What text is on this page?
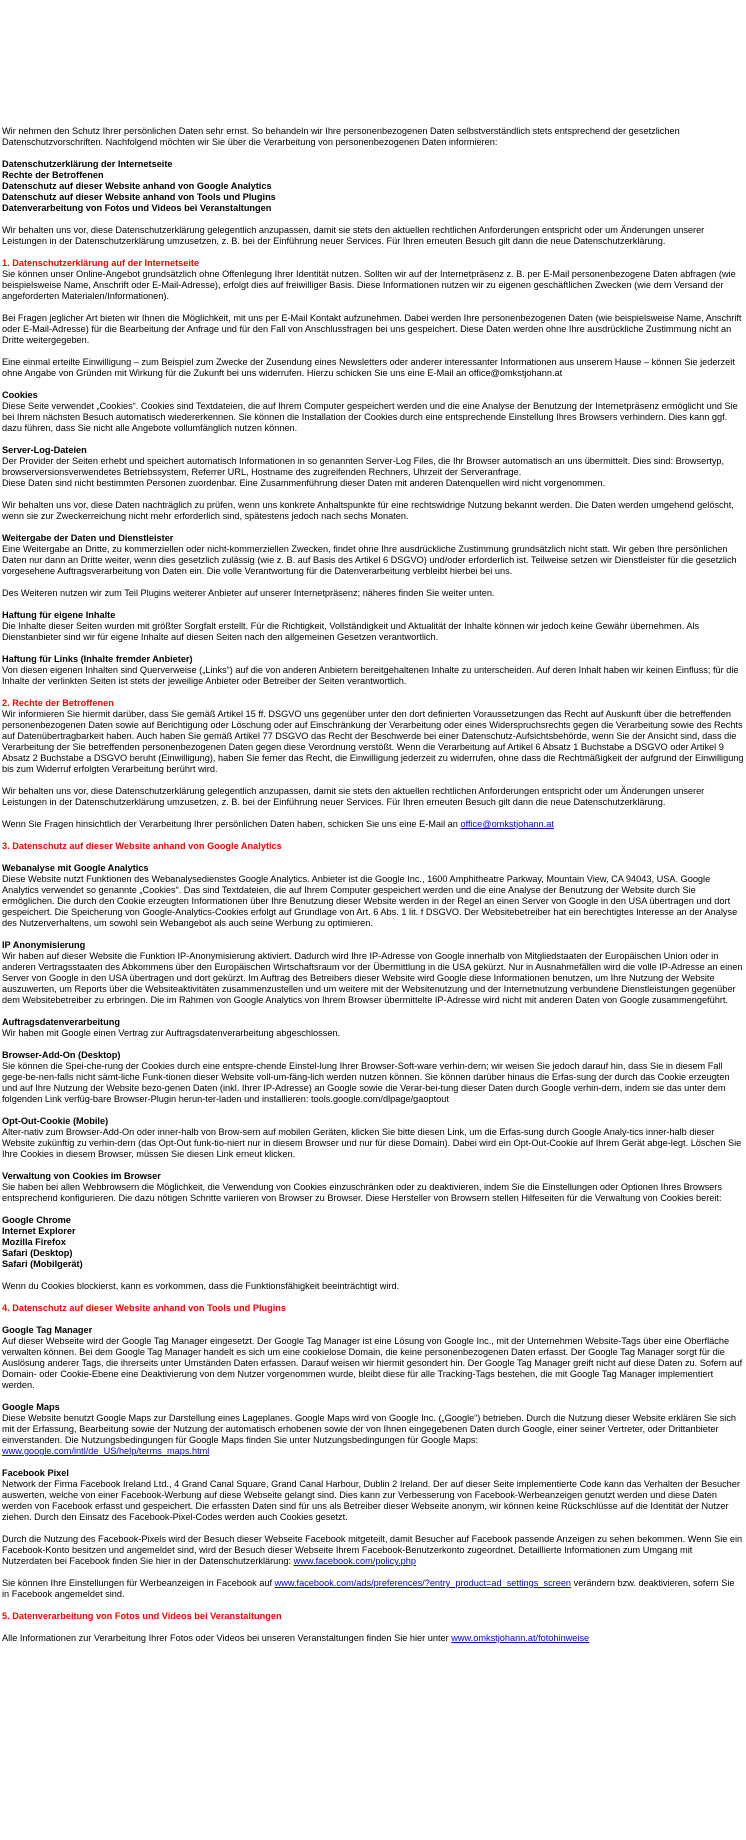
Wir nehmen den Schutz Ihrer persönlichen Daten sehr ernst. So behandeln wir Ihre personenbezogenen Daten selbstverständlich stets entsprechend der gesetzlichen Datenschutzvorschriften. Nachfolgend möchten wir Sie über die Verarbeitung von personenbezogenen Daten informieren:

Datenschutzerklärung der Internetseite
Rechte der Betroffenen
Datenschutz auf dieser Website anhand von Google Analytics
Datenschutz auf dieser Website anhand von Tools und Plugins
Datenverarbeitung von Fotos und Videos bei Veranstaltungen

Wir behalten uns vor, diese Datenschutzerklärung gelegentlich anzupassen, damit sie stets den aktuellen rechtlichen Anforderungen entspricht oder um Änderungen unserer Leistungen in der Datenschutzerklärung umzusetzen, z. B. bei der Einführung neuer Services. Für Ihren erneuten Besuch gilt dann die neue Datenschutzerklärung.

1. Datenschutzerklärung auf der Internetseite

Sie können unser Online-Angebot grundsätzlich ohne Offenlegung Ihrer Identität nutzen. Sollten wir auf der Internetpräsenz z. B. per E-Mail personenbezogene Daten abfragen (wie beispielsweise Name, Anschrift oder E-Mail-Adresse), erfolgt dies auf freiwilliger Basis. Diese Informationen nutzen wir zu eigenen geschäftlichen Zwecken (wie dem Versand der angeforderten Materialen/Informationen).

Bei Fragen jeglicher Art bieten wir Ihnen die Möglichkeit, mit uns per E-Mail Kontakt aufzunehmen. Dabei werden Ihre personenbezogenen Daten (wie beispielsweise Name, Anschrift oder E-Mail-Adresse) für die Bearbeitung der Anfrage und für den Fall von Anschlussfragen bei uns gespeichert. Diese Daten werden ohne Ihre ausdrückliche Zustimmung nicht an Dritte weitergegeben.

Eine einmal erteilte Einwilligung – zum Beispiel zum Zwecke der Zusendung eines Newsletters oder anderer interessanter Informationen aus unserem Hause – können Sie jederzeit ohne Angabe von Gründen mit Wirkung für die Zukunft bei uns widerrufen. Hierzu schicken Sie uns eine E-Mail an office@omkstjohann.at

Cookies
Diese Seite verwendet „Cookies“. Cookies sind Textdateien, die auf Ihrem Computer gespeichert werden und die eine Analyse der Benutzung der Internetpräsenz ermöglicht und Sie bei Ihrem nächsten Besuch automatisch wiedererkennen. Sie können die Installation der Cookies durch eine entsprechende Einstellung Ihres Browsers verhindern. Dies kann ggf. dazu führen, dass Sie nicht alle Angebote vollumfänglich nutzen können.
Server-Log-Dateien
Der Provider der Seiten erhebt und speichert automatisch Informationen in so genannten Server-Log Files, die Ihr Browser automatisch an uns übermittelt. Dies sind: Browsertyp, browserversionsverwendetes Betriebssystem, Referrer URL, Hostname des zugreifenden Rechners, Uhrzeit der Serveranfrage.
Diese Daten sind nicht bestimmten Personen zuordenbar. Eine Zusammenführung dieser Daten mit anderen Datenquellen wird nicht vorgenommen.

Wir behalten uns vor, diese Daten nachträglich zu prüfen, wenn uns konkrete Anhaltspunkte für eine rechtswidrige Nutzung bekannt werden. Die Daten werden umgehend gelöscht, wenn sie zur Zweckerreichung nicht mehr erforderlich sind, spätestens jedoch nach sechs Monaten.

Weitergabe der Daten und Dienstleister
Eine Weitergabe an Dritte, zu kommerziellen oder nicht-kommerziellen Zwecken, findet ohne Ihre ausdrückliche Zustimmung grundsätzlich nicht statt. Wir geben Ihre persönlichen Daten nur dann an Dritte weiter, wenn dies gesetzlich zulässig (wie z. B. auf Basis des Artikel 6 DSGVO) und/oder erforderlich ist. Teilweise setzen wir Dienstleister für die gesetzlich vorgesehene Auftragsverarbeitung von Daten ein. Die volle Verantwortung für die Datenverarbeitung verbleibt hierbei bei uns.

Des Weiteren nutzen wir zum Teil Plugins weiterer Anbieter auf unserer Internetpräsenz; näheres finden Sie weiter unten.

Haftung für eigene Inhalte
Die Inhalte dieser Seiten wurden mit größter Sorgfalt erstellt. Für die Richtigkeit, Vollständigkeit und Aktualität der Inhalte können wir jedoch keine Gewähr übernehmen. Als Dienstanbieter sind wir für eigene Inhalte auf diesen Seiten nach den allgemeinen Gesetzen verantwortlich.
Haftung für Links (Inhalte fremder Anbieter)
Von diesen eigenen Inhalten sind Querverweise („Links“) auf die von anderen Anbietern bereitgehaltenen Inhalte zu unterscheiden. Auf deren Inhalt haben wir keinen Einfluss; für die Inhalte der verlinkten Seiten ist stets der jeweilige Anbieter oder Betreiber der Seiten verantwortlich.
2. Rechte der Betroffenen

Wir informieren Sie hiermit darüber, dass Sie gemäß Artikel 15 ff. DSGVO uns gegenüber unter den dort definierten Voraussetzungen das Recht auf Auskunft über die betreffenden personenbezogenen Daten sowie auf Berichtigung oder Löschung oder auf Einschränkung der Verarbeitung oder eines Widerspruchsrechts gegen die Verarbeitung sowie des Rechts auf Datenübertragbarkeit haben. Auch haben Sie gemäß Artikel 77 DSGVO das Recht der Beschwerde bei einer Datenschutz-Aufsichtsbehörde, wenn Sie der Ansicht sind, dass die Verarbeitung der Sie betreffenden personenbezogenen Daten gegen diese Verordnung verstößt. Wenn die Verarbeitung auf Artikel 6 Absatz 1 Buchstabe a DSGVO oder Artikel 9 Absatz 2 Buchstabe a DSGVO beruht (Einwilligung), haben Sie ferner das Recht, die Einwilligung jederzeit zu widerrufen, ohne dass die Rechtmäßigkeit der aufgrund der Einwilligung bis zum Widerruf erfolgten Verarbeitung berührt wird.

Wir behalten uns vor, diese Datenschutzerklärung gelegentlich anzupassen, damit sie stets den aktuellen rechtlichen Anforderungen entspricht oder um Änderungen unserer Leistungen in der Datenschutzerklärung umzusetzen, z. B. bei der Einführung neuer Services. Für Ihren erneuten Besuch gilt dann die neue Datenschutzerklärung.

Wenn Sie Fragen hinsichtlich der Verarbeitung Ihrer persönlichen Daten haben, schicken Sie uns eine E-Mail an office@omkstjohann.at

3. Datenschutz auf dieser Website anhand von Google Analytics
Webanalyse mit Google Analytics
Diese Website nutzt Funktionen des Webanalysedienstes Google Analytics. Anbieter ist die Google Inc., 1600 Amphitheatre Parkway, Mountain View, CA 94043, USA. Google Analytics verwendet so genannte „Cookies“. Das sind Textdateien, die auf Ihrem Computer gespeichert werden und die eine Analyse der Benutzung der Website durch Sie ermöglichen. Die durch den Cookie erzeugten Informationen über Ihre Benutzung dieser Website werden in der Regel an einen Server von Google in den USA übertragen und dort gespeichert. Die Speicherung von Google-Analytics-Cookies erfolgt auf Grundlage von Art. 6 Abs. 1 lit. f DSGVO. Der Websitebetreiber hat ein berechtigtes Interesse an der Analyse des Nutzerverhaltens, um sowohl sein Webangebot als auch seine Werbung zu optimieren.
IP Anonymisierung
Wir haben auf dieser Website die Funktion IP-Anonymisierung aktiviert. Dadurch wird Ihre IP-Adresse von Google innerhalb von Mitgliedstaaten der Europäischen Union oder in anderen Vertragsstaaten des Abkommens über den Europäischen Wirtschaftsraum vor der Übermittlung in die USA gekürzt. Nur in Ausnahmefällen wird die volle IP-Adresse an einen Server von Google in den USA übertragen und dort gekürzt. Im Auftrag des Betreibers dieser Website wird Google diese Informationen benutzen, um Ihre Nutzung der Website auszuwerten, um Reports über die Websiteaktivitäten zusammenzustellen und um weitere mit der Websitenutzung und der Internetnutzung verbundene Dienstleistungen gegenüber dem Websitebetreiber zu erbringen. Die im Rahmen von Google Analytics von Ihrem Browser übermittelte IP-Adresse wird nicht mit anderen Daten von Google zusammengeführt.
Auftragsdatenverarbeitung
Wir haben mit Google einen Vertrag zur Auftragsdatenverarbeitung abgeschlossen.
Browser-Add-On (Desktop)
Sie können die Spei-che-rung der Cookies durch eine entspre-chende Einstel-lung Ihrer Browser-Soft-ware verhin-dern; wir weisen Sie jedoch darauf hin, dass Sie in diesem Fall gege-be-nen-falls nicht sämt-liche Funk-tionen dieser Website voll-um-fäng-lich werden nutzen können. Sie können darüber hinaus die Erfas-sung der durch das Cookie erzeugten und auf Ihre Nutzung der Website bezo-genen Daten (inkl. Ihrer IP-Adresse) an Google sowie die Verar-bei-tung dieser Daten durch Google verhin-dern, indem sie das unter dem folgenden Link verfüg-bare Browser-Plugin herun-ter-laden und installieren: tools.google.com/dlpage/gaoptout
Opt-Out-Cookie (Mobile)
Alter-nativ zum Browser-Add-On oder inner-halb von Brow-sern auf mobilen Geräten, klicken Sie bitte diesen Link, um die Erfas-sung durch Google Analy-tics inner-halb dieser Website zukünftig zu verhin-dern (das Opt-Out funk-tio-niert nur in diesem Browser und nur für diese Domain). Dabei wird ein Opt-Out-Cookie auf Ihrem Gerät abge-legt. Löschen Sie Ihre Cookies in diesem Browser, müssen Sie diesen Link erneut klicken.
Verwaltung von Cookies im Browser
Sie haben bei allen Webbrowsern die Möglichkeit, die Verwendung von Cookies einzuschränken oder zu deaktivieren, indem Sie die Einstellungen oder Optionen Ihres Browsers entsprechend konfigurieren. Die dazu nötigen Schritte variieren von Browser zu Browser. Diese Hersteller von Browsern stellen Hilfeseiten für die Verwaltung von Cookies bereit:
Google Chrome
Internet Explorer
Mozilla Firefox
Safari (Desktop)
Safari (Mobilgerät)

Wenn du Cookies blockierst, kann es vorkommen, dass die Funktionsfähigkeit beeinträchtigt wird.

4. Datenschutz auf dieser Website anhand von Tools und Plugins
Google Tag Manager
Auf dieser Webseite wird der Google Tag Manager eingesetzt. Der Google Tag Manager ist eine Lösung von Google Inc., mit der Unternehmen Website-Tags über eine Oberfläche verwalten können. Bei dem Google Tag Manager handelt es sich um eine cookielose Domain, die keine personenbezogenen Daten erfasst. Der Google Tag Manager sorgt für die Auslösung anderer Tags, die ihrerseits unter Umständen Daten erfassen. Darauf weisen wir hiermit gesondert hin. Der Google Tag Manager greift nicht auf diese Daten zu. Sofern auf Domain- oder Cookie-Ebene eine Deaktivierung von dem Nutzer vorgenommen wurde, bleibt diese für alle Tracking-Tags bestehen, die mit Google Tag Manager implementiert werden.
Google Maps
Diese Website benutzt Google Maps zur Darstellung eines Lageplanes. Google Maps wird von Google Inc. („Google“) betrieben. Durch die Nutzung dieser Website erklären Sie sich mit der Erfassung, Bearbeitung sowie der Nutzung der automatisch erhobenen sowie der von Ihnen eingegebenen Daten durch Google, einer seiner Vertreter, oder Drittanbieter einverstanden. Die Nutzungsbedingungen für Google Maps finden Sie unter Nutzungsbedingungen für Google Maps:
www.google.com/intl/de_US/help/terms_maps.html
Facebook Pixel
Network der Firma Facebook Ireland Ltd., 4 Grand Canal Square, Grand Canal Harbour, Dublin 2 Ireland. Der auf dieser Seite implementierte Code kann das Verhalten der Besucher auswerten, welche von einer Facebook-Werbung auf diese Webseite gelangt sind. Dies kann zur Verbesserung von Facebook-Werbeanzeigen genutzt werden und diese Daten werden von Facebook erfasst und gespeichert. Die erfassten Daten sind für uns als Betreiber dieser Webseite anonym, wir können keine Rückschlüsse auf die Identität der Nutzer ziehen. Durch den Einsatz des Facebook-Pixel-Codes werden auch Cookies gesetzt.

Durch die Nutzung des Facebook-Pixels wird der Besuch dieser Webseite Facebook mitgeteilt, damit Besucher auf Facebook passende Anzeigen zu sehen bekommen. Wenn Sie ein Facebook-Konto besitzen und angemeldet sind, wird der Besuch dieser Webseite Ihrem Facebook-Benutzerkonto zugeordnet. Detaillierte Informationen zum Umgang mit Nutzerdaten bei Facebook finden Sie hier in der Datenschutzerklärung: www.facebook.com/policy.php

Sie können Ihre Einstellungen für Werbeanzeigen in Facebook auf www.facebook.com/ads/preferences/?entry_product=ad_settings_screen verändern bzw. deaktivieren, sofern Sie in Facebook angemeldet sind.

5. Datenverarbeitung von Fotos und Videos bei Veranstaltungen

Alle Informationen zur Verarbeitung Ihrer Fotos oder Videos bei unseren Veranstaltungen finden Sie hier unter www.omkstjohann.at/fotohinweise
